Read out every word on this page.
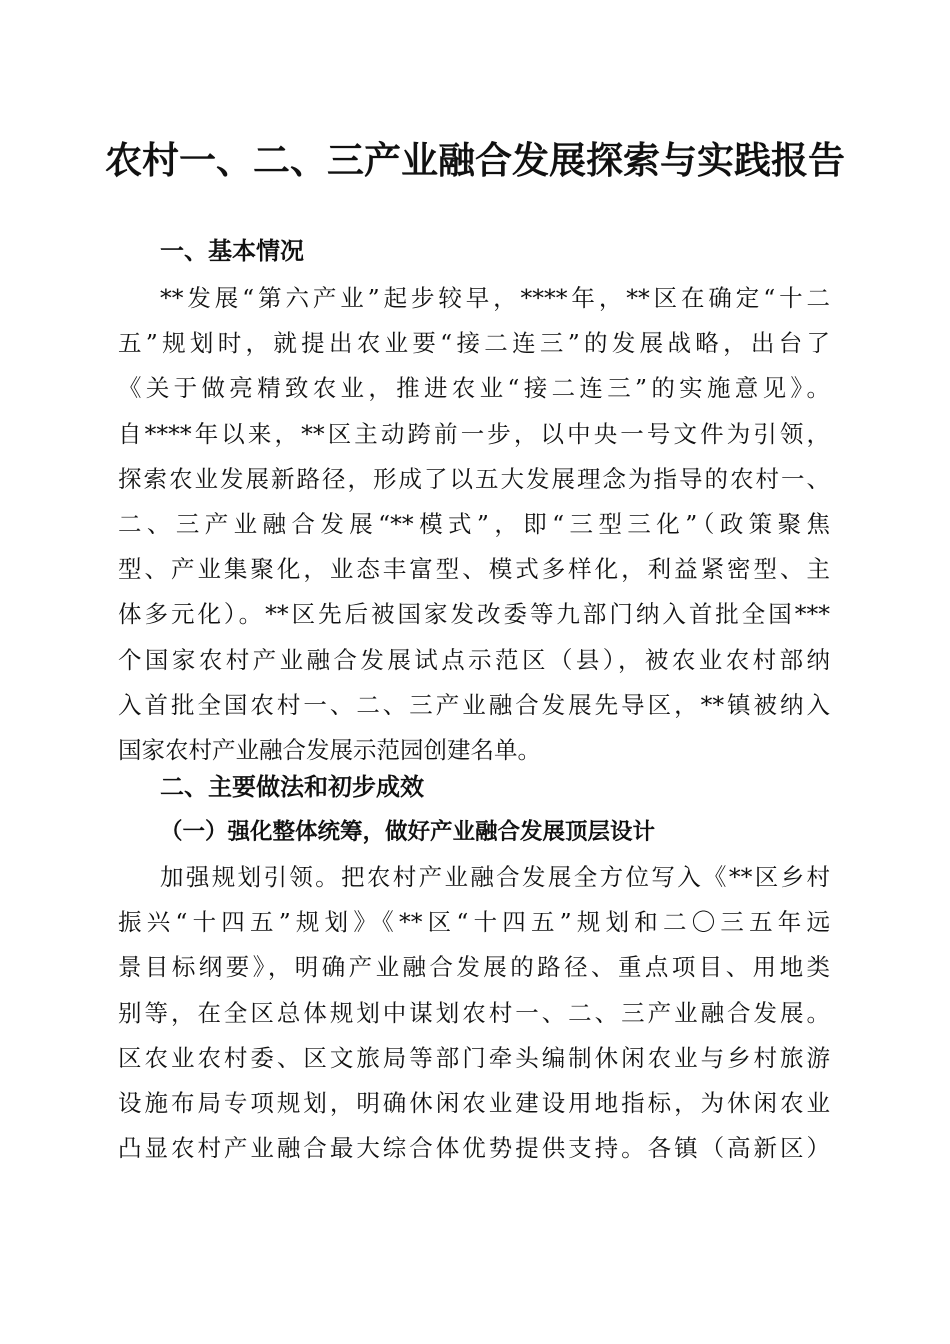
农村一、二、三产业融合发展探索与实践报告
一、基本情况
**发展“第六产业”起步较早，****年，**区在确定“十二
五”规划时，就提出农业要“接二连三”的发展战略，出台了
《关于做亮精致农业，推进农业“接二连三”的实施意见》。
自****年以来，**区主动跨前一步，以中央一号文件为引领，
探索农业发展新路径，形成了以五大发展理念为指导的农村一、
二、三产业融合发展“**模式”，即“三型三化”（政策聚焦
型、产业集聚化，业态丰富型、模式多样化，利益紧密型、主
体多元化）。**区先后被国家发改委等九部门纳入首批全国***
个国家农村产业融合发展试点示范区（县），被农业农村部纳
入首批全国农村一、二、三产业融合发展先导区，**镇被纳入
国家农村产业融合发展示范园创建名单。
二、主要做法和初步成效
（一）强化整体统筹，做好产业融合发展顶层设计
加强规划引领。把农村产业融合发展全方位写入《**区乡村
振兴“十四五”规划》《**区“十四五”规划和二〇三五年远
景目标纲要》，明确产业融合发展的路径、重点项目、用地类
别等，在全区总体规划中谋划农村一、二、三产业融合发展。
区农业农村委、区文旅局等部门牵头编制休闲农业与乡村旅游
设施布局专项规划，明确休闲农业建设用地指标，为休闲农业
凸显农村产业融合最大综合体优势提供支持。各镇（高新区）
